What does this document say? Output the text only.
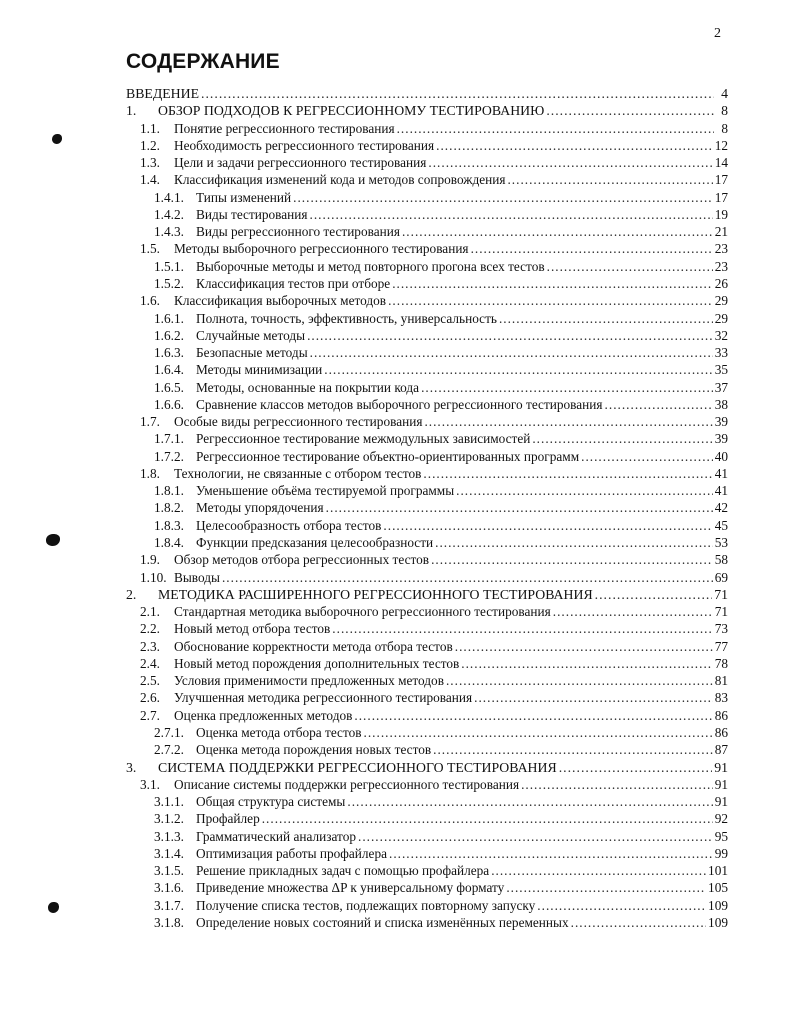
2
СОДЕРЖАНИЕ
ВВЕДЕНИЕ .....	4
1.	ОБЗОР ПОДХОДОВ К РЕГРЕССИОННОМУ ТЕСТИРОВАНИЮ .....	8
1.1.	Понятие регрессионного тестирования .....	8
1.2.	Необходимость регрессионного тестирования .....	12
1.3.	Цели и задачи регрессионного тестирования .....	14
1.4.	Классификация изменений кода и методов сопровождения .....	17
1.4.1. Типы изменений .....	17
1.4.2. Виды тестирования .....	19
1.4.3. Виды регрессионного тестирования .....	21
1.5.	Методы выборочного регрессионного тестирования .....	23
1.5.1. Выборочные методы и метод повторного прогона всех тестов .....	23
1.5.2. Классификация тестов при отборе .....	26
1.6.	Классификация выборочных методов .....	29
1.6.1. Полнота, точность, эффективность, универсальность .....	29
1.6.2. Случайные методы .....	32
1.6.3. Безопасные методы .....	33
1.6.4. Методы минимизации .....	35
1.6.5. Методы, основанные на покрытии кода .....	37
1.6.6. Сравнение классов методов выборочного регрессионного тестирования .....	38
1.7.	Особые виды регрессионного тестирования .....	39
1.7.1. Регрессионное тестирование межмодульных зависимостей .....	39
1.7.2. Регрессионное тестирование объектно-ориентированных программ .....	40
1.8.	Технологии, не связанные с отбором тестов .....	41
1.8.1. Уменьшение объёма тестируемой программы .....	41
1.8.2. Методы упорядочения .....	42
1.8.3. Целесообразность отбора тестов .....	45
1.8.4. Функции предсказания целесообразности .....	53
1.9.	Обзор методов отбора регрессионных тестов .....	58
1.10. Выводы .....	69
2.	МЕТОДИКА РАСШИРЕННОГО РЕГРЕССИОННОГО ТЕСТИРОВАНИЯ .....	71
2.1.	Стандартная методика выборочного регрессионного тестирования .....	71
2.2.	Новый метод отбора тестов .....	73
2.3.	Обоснование корректности метода отбора тестов .....	77
2.4.	Новый метод порождения дополнительных тестов .....	78
2.5.	Условия применимости предложенных методов .....	81
2.6.	Улучшенная методика регрессионного тестирования .....	83
2.7.	Оценка предложенных методов .....	86
2.7.1. Оценка метода отбора тестов .....	86
2.7.2. Оценка метода порождения новых тестов .....	87
3.	СИСТЕМА ПОДДЕРЖКИ РЕГРЕССИОННОГО ТЕСТИРОВАНИЯ .....	91
3.1.	Описание системы поддержки регрессионного тестирования .....	91
3.1.1. Общая структура системы .....	91
3.1.2. Профайлер .....	92
3.1.3. Грамматический анализатор .....	95
3.1.4. Оптимизация работы профайлера .....	99
3.1.5. Решение прикладных задач с помощью профайлера .....	101
3.1.6. Приведение множества ΔP к универсальному формату .....	105
3.1.7. Получение списка тестов, подлежащих повторному запуску .....	109
3.1.8. Определение новых состояний и списка изменённых переменных .....	109
